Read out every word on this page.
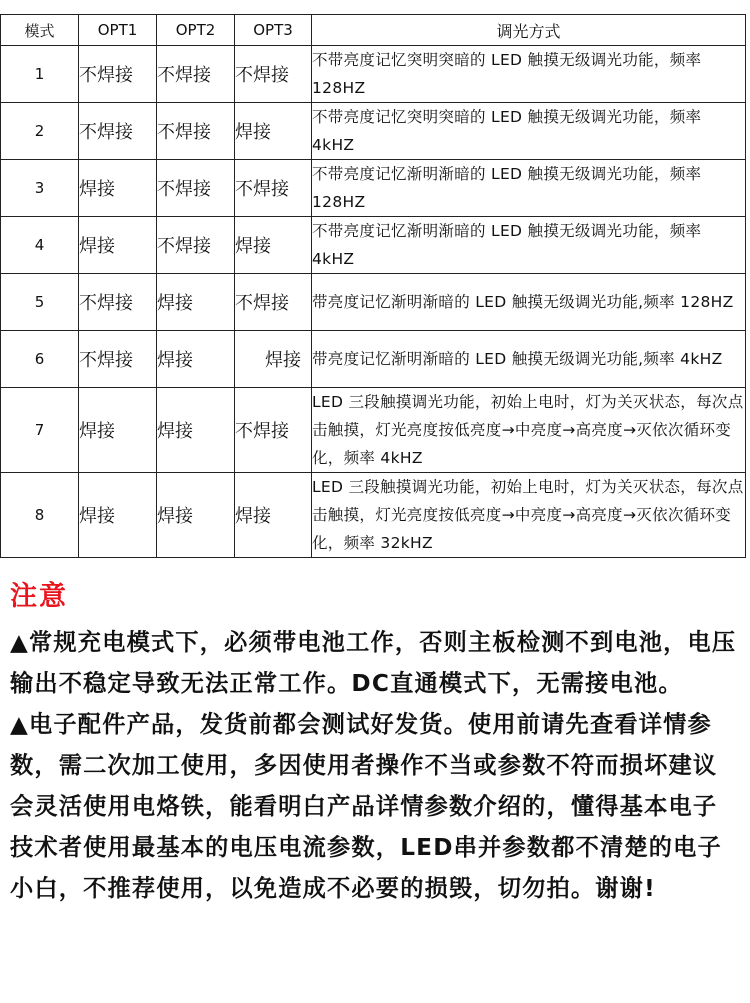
模式	OPT1	OPT2	OPT3	调光方式
1	不焊接	不焊接	不焊接	不带亮度记忆突明突暗的 LED 触摸无级调光功能，频率 128HZ
2	不焊接	不焊接	焊接	不带亮度记忆突明突暗的 LED 触摸无级调光功能，频率 4kHZ
3	焊接	不焊接	不焊接	不带亮度记忆渐明渐暗的 LED 触摸无级调光功能，频率 128HZ
4	焊接	不焊接	焊接	不带亮度记忆渐明渐暗的 LED 触摸无级调光功能，频率 4kHZ
5	不焊接	焊接	不焊接	带亮度记忆渐明渐暗的 LED 触摸无级调光功能,频率 128HZ
6	不焊接	焊接	焊接	带亮度记忆渐明渐暗的 LED 触摸无级调光功能,频率 4kHZ
7	焊接	焊接	不焊接	LED 三段触摸调光功能，初始上电时，灯为关灭状态，每次点击触摸，灯光亮度按低亮度→中亮度→高亮度→灭依次循环变化，频率 4kHZ
8	焊接	焊接	焊接	LED 三段触摸调光功能，初始上电时，灯为关灭状态，每次点击触摸，灯光亮度按低亮度→中亮度→高亮度→灭依次循环变化，频率 32kHZ
注意

▲常规充电模式下，必须带电池工作，否则主板检测不到电池，电压输出不稳定导致无法正常工作。DC直通模式下，无需接电池。

▲电子配件产品，发货前都会测试好发货。使用前请先查看详情参数，需二次加工使用，多因使用者操作不当或参数不符而损坏建议会灵活使用电烙铁，能看明白产品详情参数介绍的，懂得基本电子技术者使用最基本的电压电流参数，LED串并参数都不清楚的电子小白，不推荐使用，以免造成不必要的损毁，切勿拍。谢谢!
